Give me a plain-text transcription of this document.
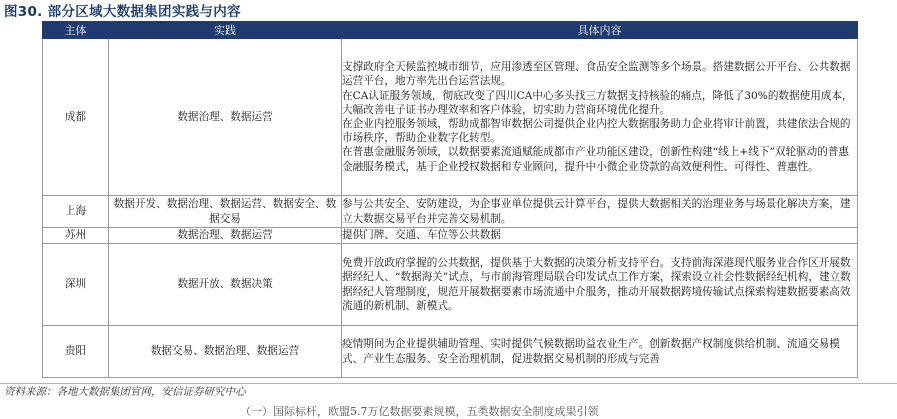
图30. 部分区域大数据集团实践与内容
主体	实践	具体内容
成都	数据治理、数据运营	支撑政府全天候监控城市细节，应用渗透至区管理、食品安全监测等多个场景。搭建数据公开平台、公共数据运营平台，地方率先出台运营法规。
在CA认证服务领域，彻底改变了四川CA中心多头找三方数据支持核验的痛点，降低了30%的数据使用成本，大幅改善电子证书办理效率和客户体验，切实助力营商环境优化提升。
在企业内控服务领域，帮助成都智审数据公司提供企业内控大数据服务助力企业将审计前置，共建依法合规的市场秩序，帮助企业数字化转型。
在普惠金融服务领域，以数据要素流通赋能成都市产业功能区建设，创新性构建“线上+线下”双轮驱动的普惠金融服务模式，基于企业授权数据和专业顾问，提升中小微企业贷款的高效便利性、可得性、普惠性。

上海	数据开发、数据治理、数据运营、数据安全、数据交易	参与公共安全、安防建设，为企事业单位提供云计算平台，提供大数据相关的治理业务与场景化解决方案，建立大数据交易平台并完善交易机制。

苏州	数据治理、数据运营	提供门牌、交通、车位等公共数据

深圳	数据开放、数据决策	免费开放政府掌握的公共数据，提供基于大数据的决策分析支持平台。支持前海深港现代服务业合作区开展数据经纪人、“数据海关”试点，与市前海管理局联合印发试点工作方案，探索设立社会性数据经纪机构，建立数据经纪人管理制度，规范开展数据要素市场流通中介服务，推动开展数据跨境传输试点探索构建数据要素高效流通的新机制、新模式。

贵阳	数据交易、数据治理、数据运营	疫情期间为企业提供辅助管理、实时提供气候数据助益农业生产。创新数据产权制度供给机制、流通交易模式、产业生态服务、安全治理机制，促进数据交易机制的形成与完善
资料来源：各地大数据集团官网，安信证券研究中心
（一）国际标杆，欧盟5.7万亿数据要素规模，五类数据安全制度成果引领
